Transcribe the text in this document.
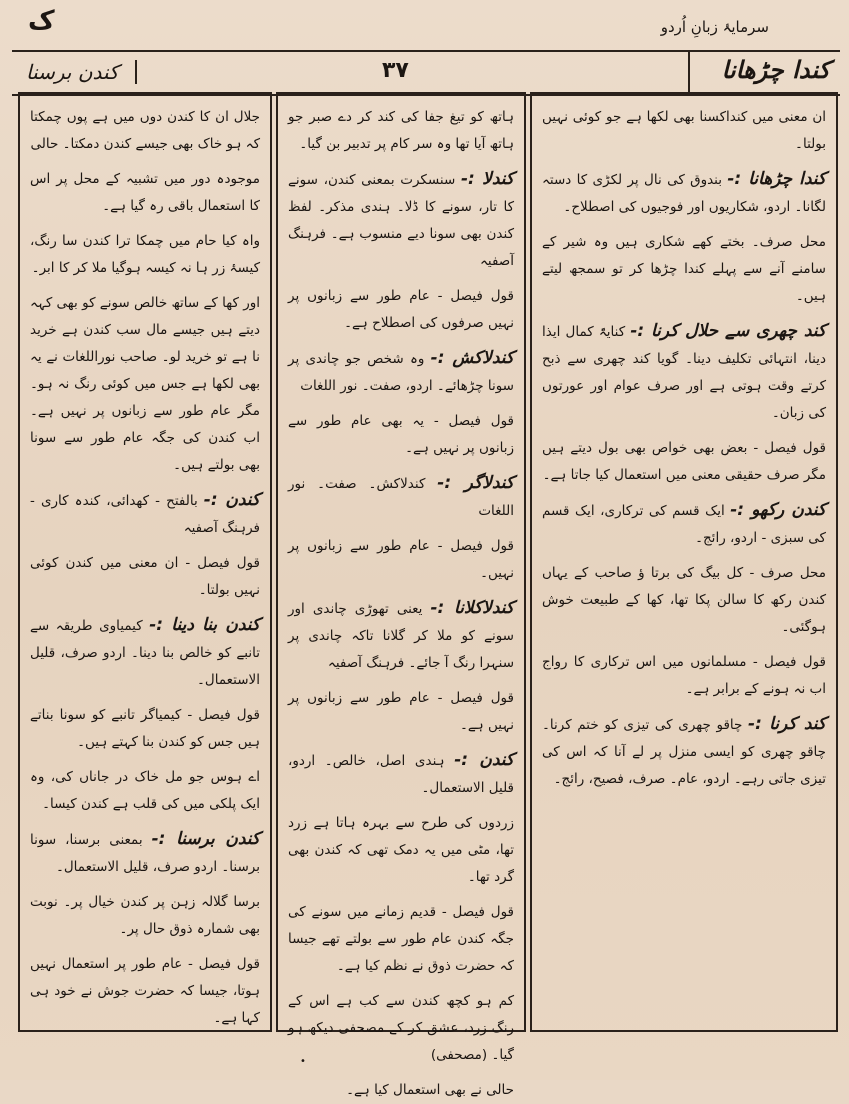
ک	سرمایۂ زبانِ اُردو
کندا چڑھانا
۳۷
کندن برسنا

ان معنی میں کنداکسنا بھی لکھا ہے جو کوئی نہیں بولتا۔

کندا چڑھانا :- بندوق کی نال پر لکڑی کا دستہ لگانا۔ اردو، شکاریوں اور فوجیوں کی اصطلاح۔

محل صرف۔ بختے کھے شکاری ہیں وہ شیر کے سامنے آنے سے پہلے کندا چڑھا کر تو سمجھ لیتے ہیں۔

کند چھری سے حلال کرنا :- کنایۃً کمال ایذا دینا، انتہائی تکلیف دینا۔ گویا کند چھری سے ذبح کرتے وقت ہوتی ہے اور صرف عوام اور عورتوں کی زبان۔

قول فیصل - بعض بھی خواص بھی بول دیتے ہیں مگر صرف حقیقی معنی میں استعمال کیا جاتا ہے۔

کندن رکھو :- ایک قسم کی ترکاری، ایک قسم کی سبزی - اردو، رائج۔

محل صرف - کل بیگ کی برتا ؤ صاحب کے یہاں کندن رکھ کا سالن پکا تھا، کھا کے طبیعت خوش ہوگئی۔

قول فیصل - مسلمانوں میں اس ترکاری کا رواج اب نہ ہونے کے برابر ہے۔

کند کرنا :- چاقو چھری کی تیزی کو ختم کرنا۔ چاقو چھری کو ایسی منزل پر لے آنا کہ اس کی تیزی جاتی رہے۔ اردو، عام۔ صرف، فصیح، رائج۔

ہاتھ کو تیغ جفا کی کند کر دے صبر جو ہاتھ آیا تھا وہ سر کام پر تدبیر بن گیا۔

کندلا :- سنسکرت بمعنی کندن، سونے کا تار، سونے کا ڈلا۔ ہندی مذکر۔ لفظ کندن بھی سونا دیے منسوب ہے۔ فرہنگ آصفیہ

قول فیصل - عام طور سے زبانوں پر نہیں صرفوں کی اصطلاح ہے۔

کندلاکش :- وہ شخص جو چاندی پر سونا چڑھائے۔ اردو، صفت۔ نور اللغات

قول فیصل - یہ بھی عام طور سے زبانوں پر نہیں ہے۔

کندلاگر :- کندلاکش۔ صفت۔ نور اللغات

قول فیصل - عام طور سے زبانوں پر نہیں۔

کندلاکلانا :- یعنی تھوڑی چاندی اور سونے کو ملا کر گلانا تاکہ چاندی پر سنہرا رنگ آ جائے۔ فرہنگ آصفیہ

قول فیصل - عام طور سے زبانوں پر نہیں ہے۔

کندن :- ہندی اصل، خالص۔ اردو، قلیل الاستعمال۔

زردوں کی طرح سے بہرہ ہاتا ہے زرد تھا، مٹی میں یہ دمک تھی کہ کندن بھی گرد تھا۔

قول فیصل - قدیم زمانے میں سونے کی جگہ کندن عام طور سے بولتے تھے جیسا کہ حضرت ذوق نے نظم کیا ہے۔

کم ہو کچھ کندن سے کب ہے اس کے رنگ زرد، عشق کر کے مصحفی دیکھ ہو گیا۔ (مصحفی)

حالی نے بھی استعمال کیا ہے۔

جلال ان کا کندن دوں میں ہے پوں چمکتا کہ ہو خاک بھی جیسے کندن دمکتا۔ حالی

موجودہ دور میں تشبیہ کے محل پر اس کا استعمال باقی رہ گیا ہے۔

واہ کیا حام میں چمکا ترا کندن سا رنگ، کیسۂ زر ہا نہ کیسہ ہوگیا ملا کر کا ابر۔

اور کھا کے ساتھ خالص سونے کو بھی کہہ دیتے ہیں جیسے مال سب کندن ہے خرید نا ہے تو خرید لو۔ صاحب نوراللغات نے یہ بھی لکھا ہے جس میں کوئی رنگ نہ ہو۔ مگر عام طور سے زبانوں پر نہیں ہے۔ اب کندن کی جگہ عام طور سے سونا بھی بولتے ہیں۔

کندن :- بالفتح - کھدائی، کندہ کاری - فرہنگ آصفیہ

قول فیصل - ان معنی میں کندن کوئی نہیں بولتا۔

کندن بنا دینا :- کیمیاوی طریقہ سے تانبے کو خالص بنا دینا۔ اردو صرف، قلیل الاستعمال۔

قول فیصل - کیمیاگر تانبے کو سونا بناتے ہیں جس کو کندن بنا کہتے ہیں۔

اے ہوس جو مل خاک در جاناں کی، وہ ایک پلکی میں کی قلب ہے کندن کیسا۔

کندن برسنا :- بمعنی برسنا، سونا برسنا۔ اردو صرف، قلیل الاستعمال۔

برسا گلالہ زہن پر کندن خیال پر۔ نوبت بھی شمارہ ذوق حال پر۔

قول فیصل - عام طور پر استعمال نہیں ہوتا، جیسا کہ حضرت جوش نے خود ہی کہا ہے۔

•
